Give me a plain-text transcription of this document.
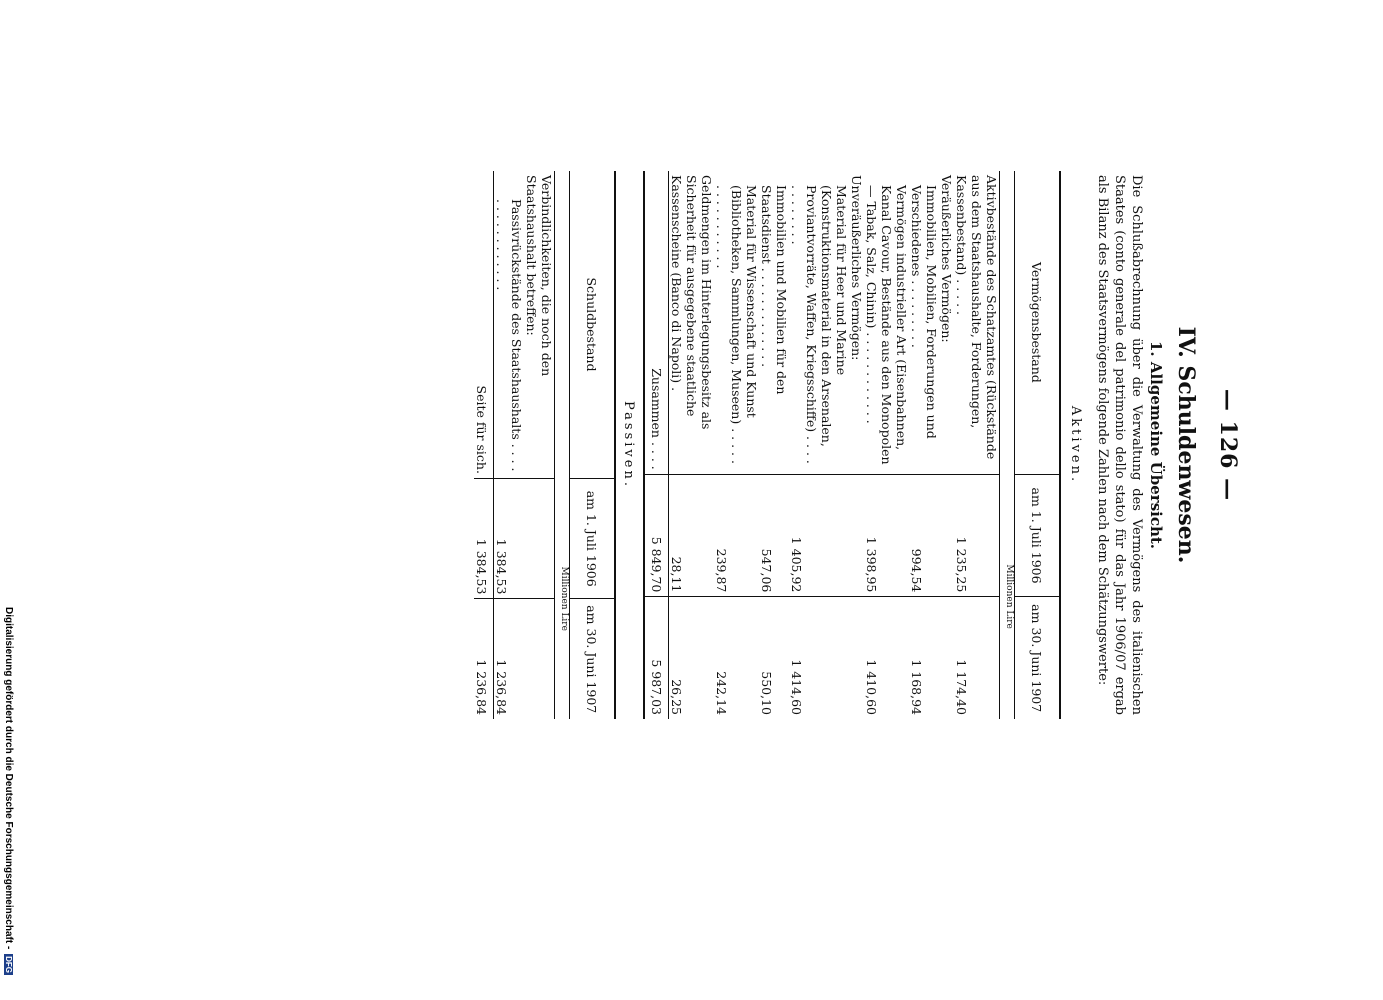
— 126 —
IV. Schuldenwesen.
1. Allgemeine Übersicht.
Die Schlußabrechnung über die Verwaltung des Vermögens des italienischen Staates (conto generale del patrimonio dello stato) für das Jahr 1906/07 ergab als Bilanz des Staatsvermögens folgende Zahlen nach dem Schätzungswerte:
Aktiven.
Vermögensbestand	am 1. Juli 1906	am 30. Juni 1907
	Millionen Lire	
Aktivbestände des Schatzamtes (Rückstände aus dem Staatshaushalte, Forderungen, Kassenbestand) . . . . .	1 235,25	1 174,40
Veräußerliches Vermögen:		
Immobilien, Mobilien, Forderungen und Verschiedenes . . . . . . . . .	994,54	1 168,94
Vermögen industrieller Art (Eisenbahnen, Kanal Cavour, Bestände aus den Monopolen — Tabak, Salz, Chinin) . . . . . . . . . . . .	1 398,95	1 410,60
Unveräußerliches Vermögen:		
Material für Heer und Marine (Konstruktionsmaterial in den Arsenalen, Proviantvorräte, Waffen, Kriegsschiffe) . . . . . . . . . . . .	1 405,92	1 414,60
Immobilien und Mobilien für den Staatsdienst . . . . . . . . . . . . .	547,06	550,10
Material für Wissenschaft und Kunst (Bibliotheken, Sammlungen, Museen) . . . . . . . . . . . . . . . .	239,87	242,14
Geldmengen im Hinterlegungsbesitz als Sicherheit für ausgegebene staatliche Kassenscheine (Banco di Napoli) .	28,11	26,25
Zusammen . . . .	5 849,70	5 987,03
Passiven.
Schuldbestand	am 1. Juli 1906	am 30. Juni 1907
	Millionen Lire	
Verbindlichkeiten, die noch den Staatshaushalt betreffen:		
Passivrückstände des Staatshaushalts . . . . . . . . . . . . . . . .	1 384,53	1 236,84
Seite für sich.	1 384,53	1 236,84
Digitalisierung gefördert durch die Deutsche Forschungsgemeinschaft - DFG
